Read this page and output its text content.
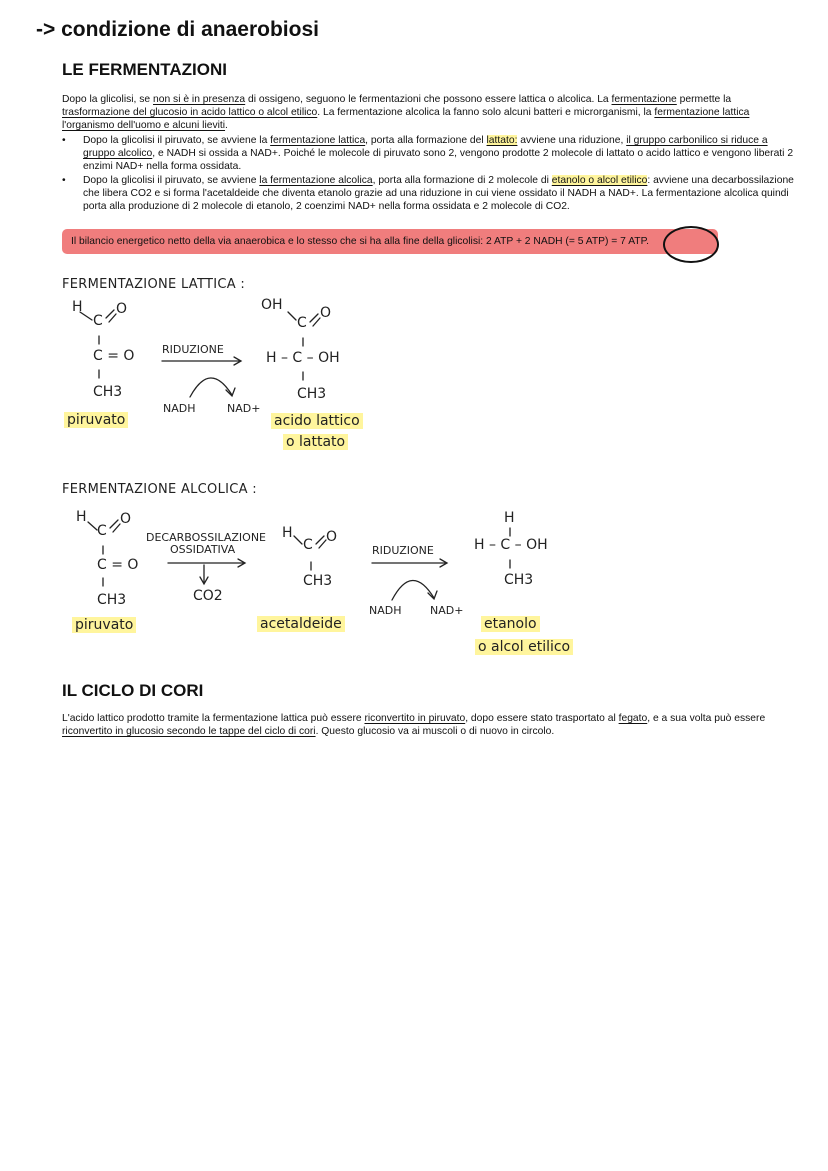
-> condizione di anaerobiosi
LE FERMENTAZIONI

Dopo la glicolisi, se non si è in presenza di ossigeno, seguono le fermentazioni che possono essere lattica o alcolica. La fermentazione permette la trasformazione del glucosio in acido lattico o alcol etilico. La fermentazione alcolica la fanno solo alcuni batteri e microrganismi, la fermentazione lattica l'organismo dell'uomo e alcuni lieviti.

• Dopo la glicolisi il piruvato, se avviene la fermentazione lattica, porta alla formazione del lattato: avviene una riduzione, il gruppo carbonilico si riduce a gruppo alcolico, e NADH si ossida a NAD+. Poiché le molecole di piruvato sono 2, vengono prodotte 2 molecole di lattato o acido lattico e vengono liberati 2 enzimi NAD+ nella forma ossidata.
• Dopo la glicolisi il piruvato, se avviene la fermentazione alcolica, porta alla formazione di 2 molecole di etanolo o alcol etilico: avviene una decarbossilazione che libera CO2 e si forma l'acetaldeide che diventa etanolo grazie ad una riduzione in cui viene ossidato il NADH a NAD+. La fermentazione alcolica quindi porta alla produzione di 2 molecole di etanolo, 2 coenzimi NAD+ nella forma ossidata e 2 molecole di CO2.
Il bilancio energetico netto della via anaerobica e lo stesso che si ha alla fine della glicolisi: 2 ATP + 2 NADH (= 5 ATP) = 7 ATP.
FERMENTAZIONE LATTICA :
H
C
O
C = O
CH3
piruvato
RIDUZIONE
NADH	NAD+
OH
C
O
H – C – OH
CH3
acido lattico
o lattato
FERMENTAZIONE ALCOLICA :
H
C
O
C = O
CH3
piruvato
DECARBOSSILAZIONE
OSSIDATIVA
CO2
H
C O
CH3
acetaldeide
RIDUZIONE
NADH	NAD+
H
H – C – OH
CH3
etanolo
o alcol etilico
IL CICLO DI CORI

L'acido lattico prodotto tramite la fermentazione lattica può essere riconvertito in piruvato, dopo essere stato trasportato al fegato, e a sua volta può essere riconvertito in glucosio secondo le tappe del ciclo di cori. Questo glucosio va ai muscoli o di nuovo in circolo.
